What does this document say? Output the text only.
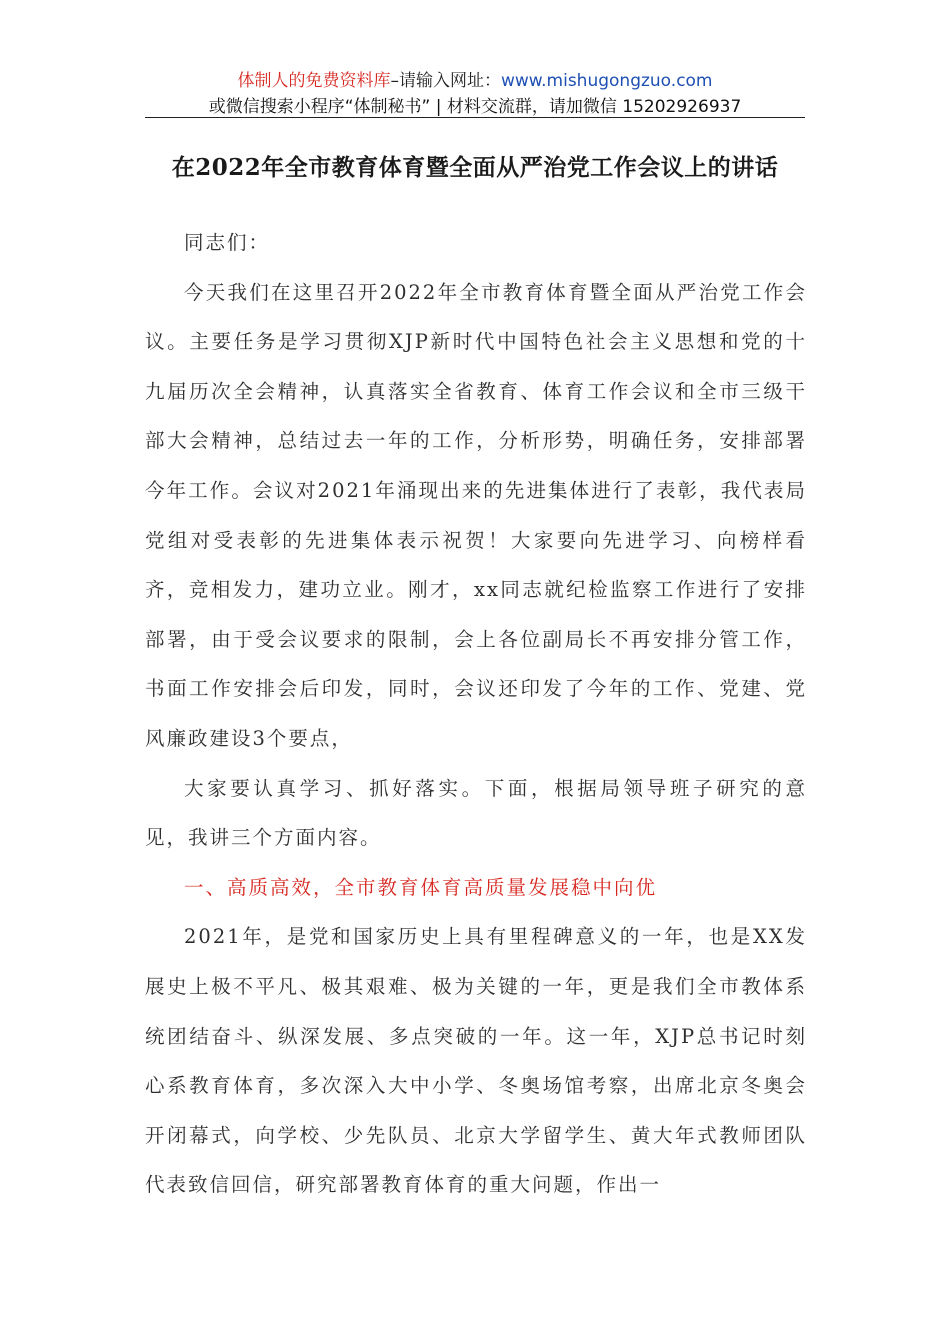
体制人的免费资料库–请输入网址：www.mishugongzuo.com
或微信搜索小程序“体制秘书” | 材料交流群，请加微信 15202926937
在2022年全市教育体育暨全面从严治党工作会议上的讲话

同志们：

今天我们在这里召开2022年全市教育体育暨全面从严治党工作会议。主要任务是学习贯彻XJP新时代中国特色社会主义思想和党的十九届历次全会精神，认真落实全省教育、体育工作会议和全市三级干部大会精神，总结过去一年的工作，分析形势，明确任务，安排部署今年工作。会议对2021年涌现出来的先进集体进行了表彰，我代表局党组对受表彰的先进集体表示祝贺！大家要向先进学习、向榜样看齐，竞相发力，建功立业。刚才，xx同志就纪检监察工作进行了安排部署，由于受会议要求的限制，会上各位副局长不再安排分管工作，书面工作安排会后印发，同时，会议还印发了今年的工作、党建、党风廉政建设3个要点，

大家要认真学习、抓好落实。下面，根据局领导班子研究的意见，我讲三个方面内容。

一、高质高效，全市教育体育高质量发展稳中向优

2021年，是党和国家历史上具有里程碑意义的一年，也是XX发展史上极不平凡、极其艰难、极为关键的一年，更是我们全市教体系统团结奋斗、纵深发展、多点突破的一年。这一年，XJP总书记时刻心系教育体育，多次深入大中小学、冬奥场馆考察，出席北京冬奥会开闭幕式，向学校、少先队员、北京大学留学生、黄大年式教师团队代表致信回信，研究部署教育体育的重大问题，作出一
